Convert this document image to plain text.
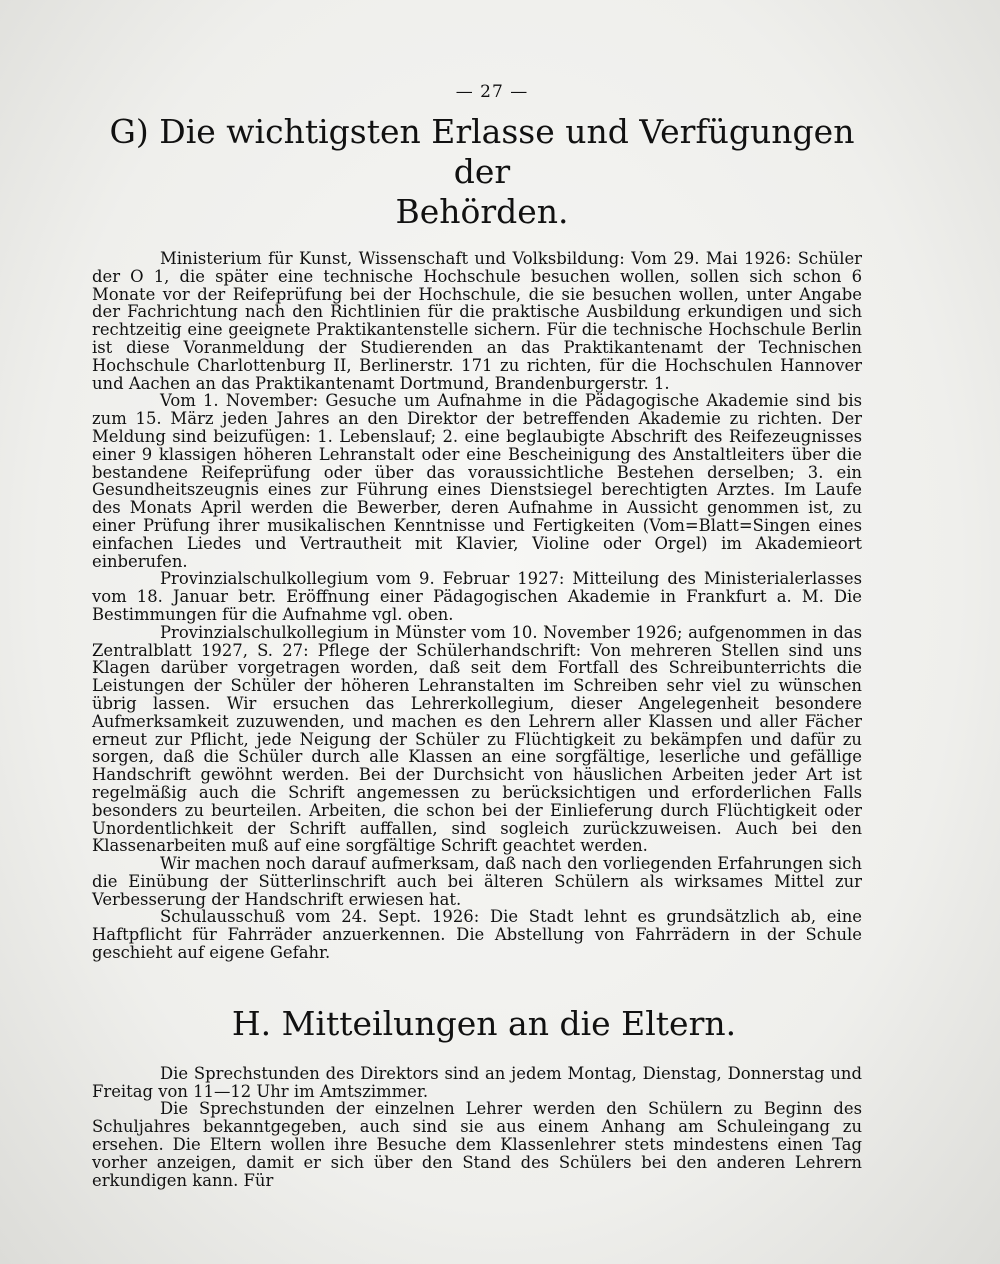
— 27 —
G) Die wichtigsten Erlasse und Verfügungen der
Behörden.

Ministerium für Kunst, Wissenschaft und Volksbildung: Vom 29. Mai 1926: Schüler der O 1, die später eine technische Hochschule besuchen wollen, sollen sich schon 6 Monate vor der Reifeprüfung bei der Hochschule, die sie besuchen wollen, unter Angabe der Fachrichtung nach den Richtlinien für die praktische Ausbildung erkundigen und sich rechtzeitig eine geeignete Praktikantenstelle sichern. Für die technische Hochschule Berlin ist diese Voranmeldung der Studierenden an das Praktikantenamt der Technischen Hochschule Charlottenburg II, Berlinerstr. 171 zu richten, für die Hochschulen Hannover und Aachen an das Praktikantenamt Dortmund, Brandenburgerstr. 1.

Vom 1. November: Gesuche um Aufnahme in die Pädagogische Akademie sind bis zum 15. März jeden Jahres an den Direktor der betreffenden Akademie zu richten. Der Meldung sind beizufügen: 1. Lebenslauf; 2. eine beglaubigte Abschrift des Reifezeugnisses einer 9 klassigen höheren Lehranstalt oder eine Bescheinigung des Anstaltleiters über die bestandene Reifeprüfung oder über das voraussichtliche Bestehen derselben; 3. ein Gesundheitszeugnis eines zur Führung eines Dienstsiegel berechtigten Arztes. Im Laufe des Monats April werden die Bewerber, deren Aufnahme in Aussicht genommen ist, zu einer Prüfung ihrer musikalischen Kenntnisse und Fertigkeiten (Vom=Blatt=Singen eines einfachen Liedes und Vertrautheit mit Klavier, Violine oder Orgel) im Akademieort einberufen.

Provinzialschulkollegium vom 9. Februar 1927: Mitteilung des Ministerialerlasses vom 18. Januar betr. Eröffnung einer Pädagogischen Akademie in Frankfurt a. M. Die Bestimmungen für die Aufnahme vgl. oben.

Provinzialschulkollegium in Münster vom 10. November 1926; aufgenommen in das Zentralblatt 1927, S. 27: Pflege der Schülerhandschrift: Von mehreren Stellen sind uns Klagen darüber vorgetragen worden, daß seit dem Fortfall des Schreibunterrichts die Leistungen der Schüler der höheren Lehranstalten im Schreiben sehr viel zu wünschen übrig lassen. Wir ersuchen das Lehrerkollegium, dieser Angelegenheit besondere Aufmerksamkeit zuzuwenden, und machen es den Lehrern aller Klassen und aller Fächer erneut zur Pflicht, jede Neigung der Schüler zu Flüchtigkeit zu bekämpfen und dafür zu sorgen, daß die Schüler durch alle Klassen an eine sorgfältige, leserliche und gefällige Handschrift gewöhnt werden. Bei der Durchsicht von häuslichen Arbeiten jeder Art ist regelmäßig auch die Schrift angemessen zu berücksichtigen und erforderlichen Falls besonders zu beurteilen. Arbeiten, die schon bei der Einlieferung durch Flüchtigkeit oder Unordentlichkeit der Schrift auffallen, sind sogleich zurückzuweisen. Auch bei den Klassenarbeiten muß auf eine sorgfältige Schrift geachtet werden.

Wir machen noch darauf aufmerksam, daß nach den vorliegenden Erfahrungen sich die Einübung der Sütterlinschrift auch bei älteren Schülern als wirksames Mittel zur Verbesserung der Handschrift erwiesen hat.

Schulausschuß vom 24. Sept. 1926: Die Stadt lehnt es grundsätzlich ab, eine Haftpflicht für Fahrräder anzuerkennen. Die Abstellung von Fahrrädern in der Schule geschieht auf eigene Gefahr.

H. Mitteilungen an die Eltern.

Die Sprechstunden des Direktors sind an jedem Montag, Dienstag, Donnerstag und Freitag von 11—12 Uhr im Amtszimmer.

Die Sprechstunden der einzelnen Lehrer werden den Schülern zu Beginn des Schuljahres bekanntgegeben, auch sind sie aus einem Anhang am Schuleingang zu ersehen. Die Eltern wollen ihre Besuche dem Klassenlehrer stets mindestens einen Tag vorher anzeigen, damit er sich über den Stand des Schülers bei den anderen Lehrern erkundigen kann. Für
